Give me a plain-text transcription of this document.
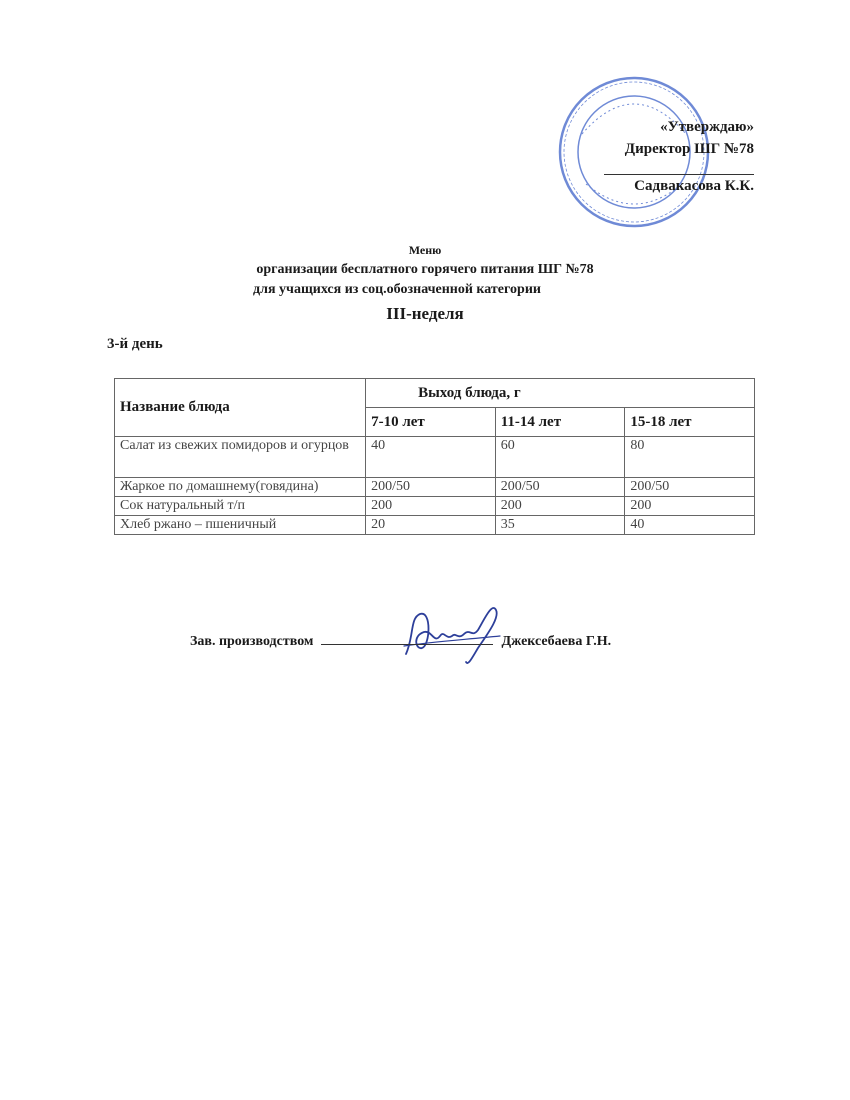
«Утверждаю»
Директор ШГ №78
Садвакасова К.К.
Меню
организации бесплатного горячего питания ШГ №78
для учащихся из соц.обозначенной категории
III-неделя
3-й день
Название блюда	Выход блюда, г		
	7-10 лет	11-14 лет	15-18 лет
Салат из свежих помидоров и огурцов	40	60	80
Жаркое по домашнему(говядина)	200/50	200/50	200/50
Сок натуральный т/п	200	200	200
Хлеб ржано – пшеничный	20	35	40
Зав. производством	Джексебаева Г.Н.
